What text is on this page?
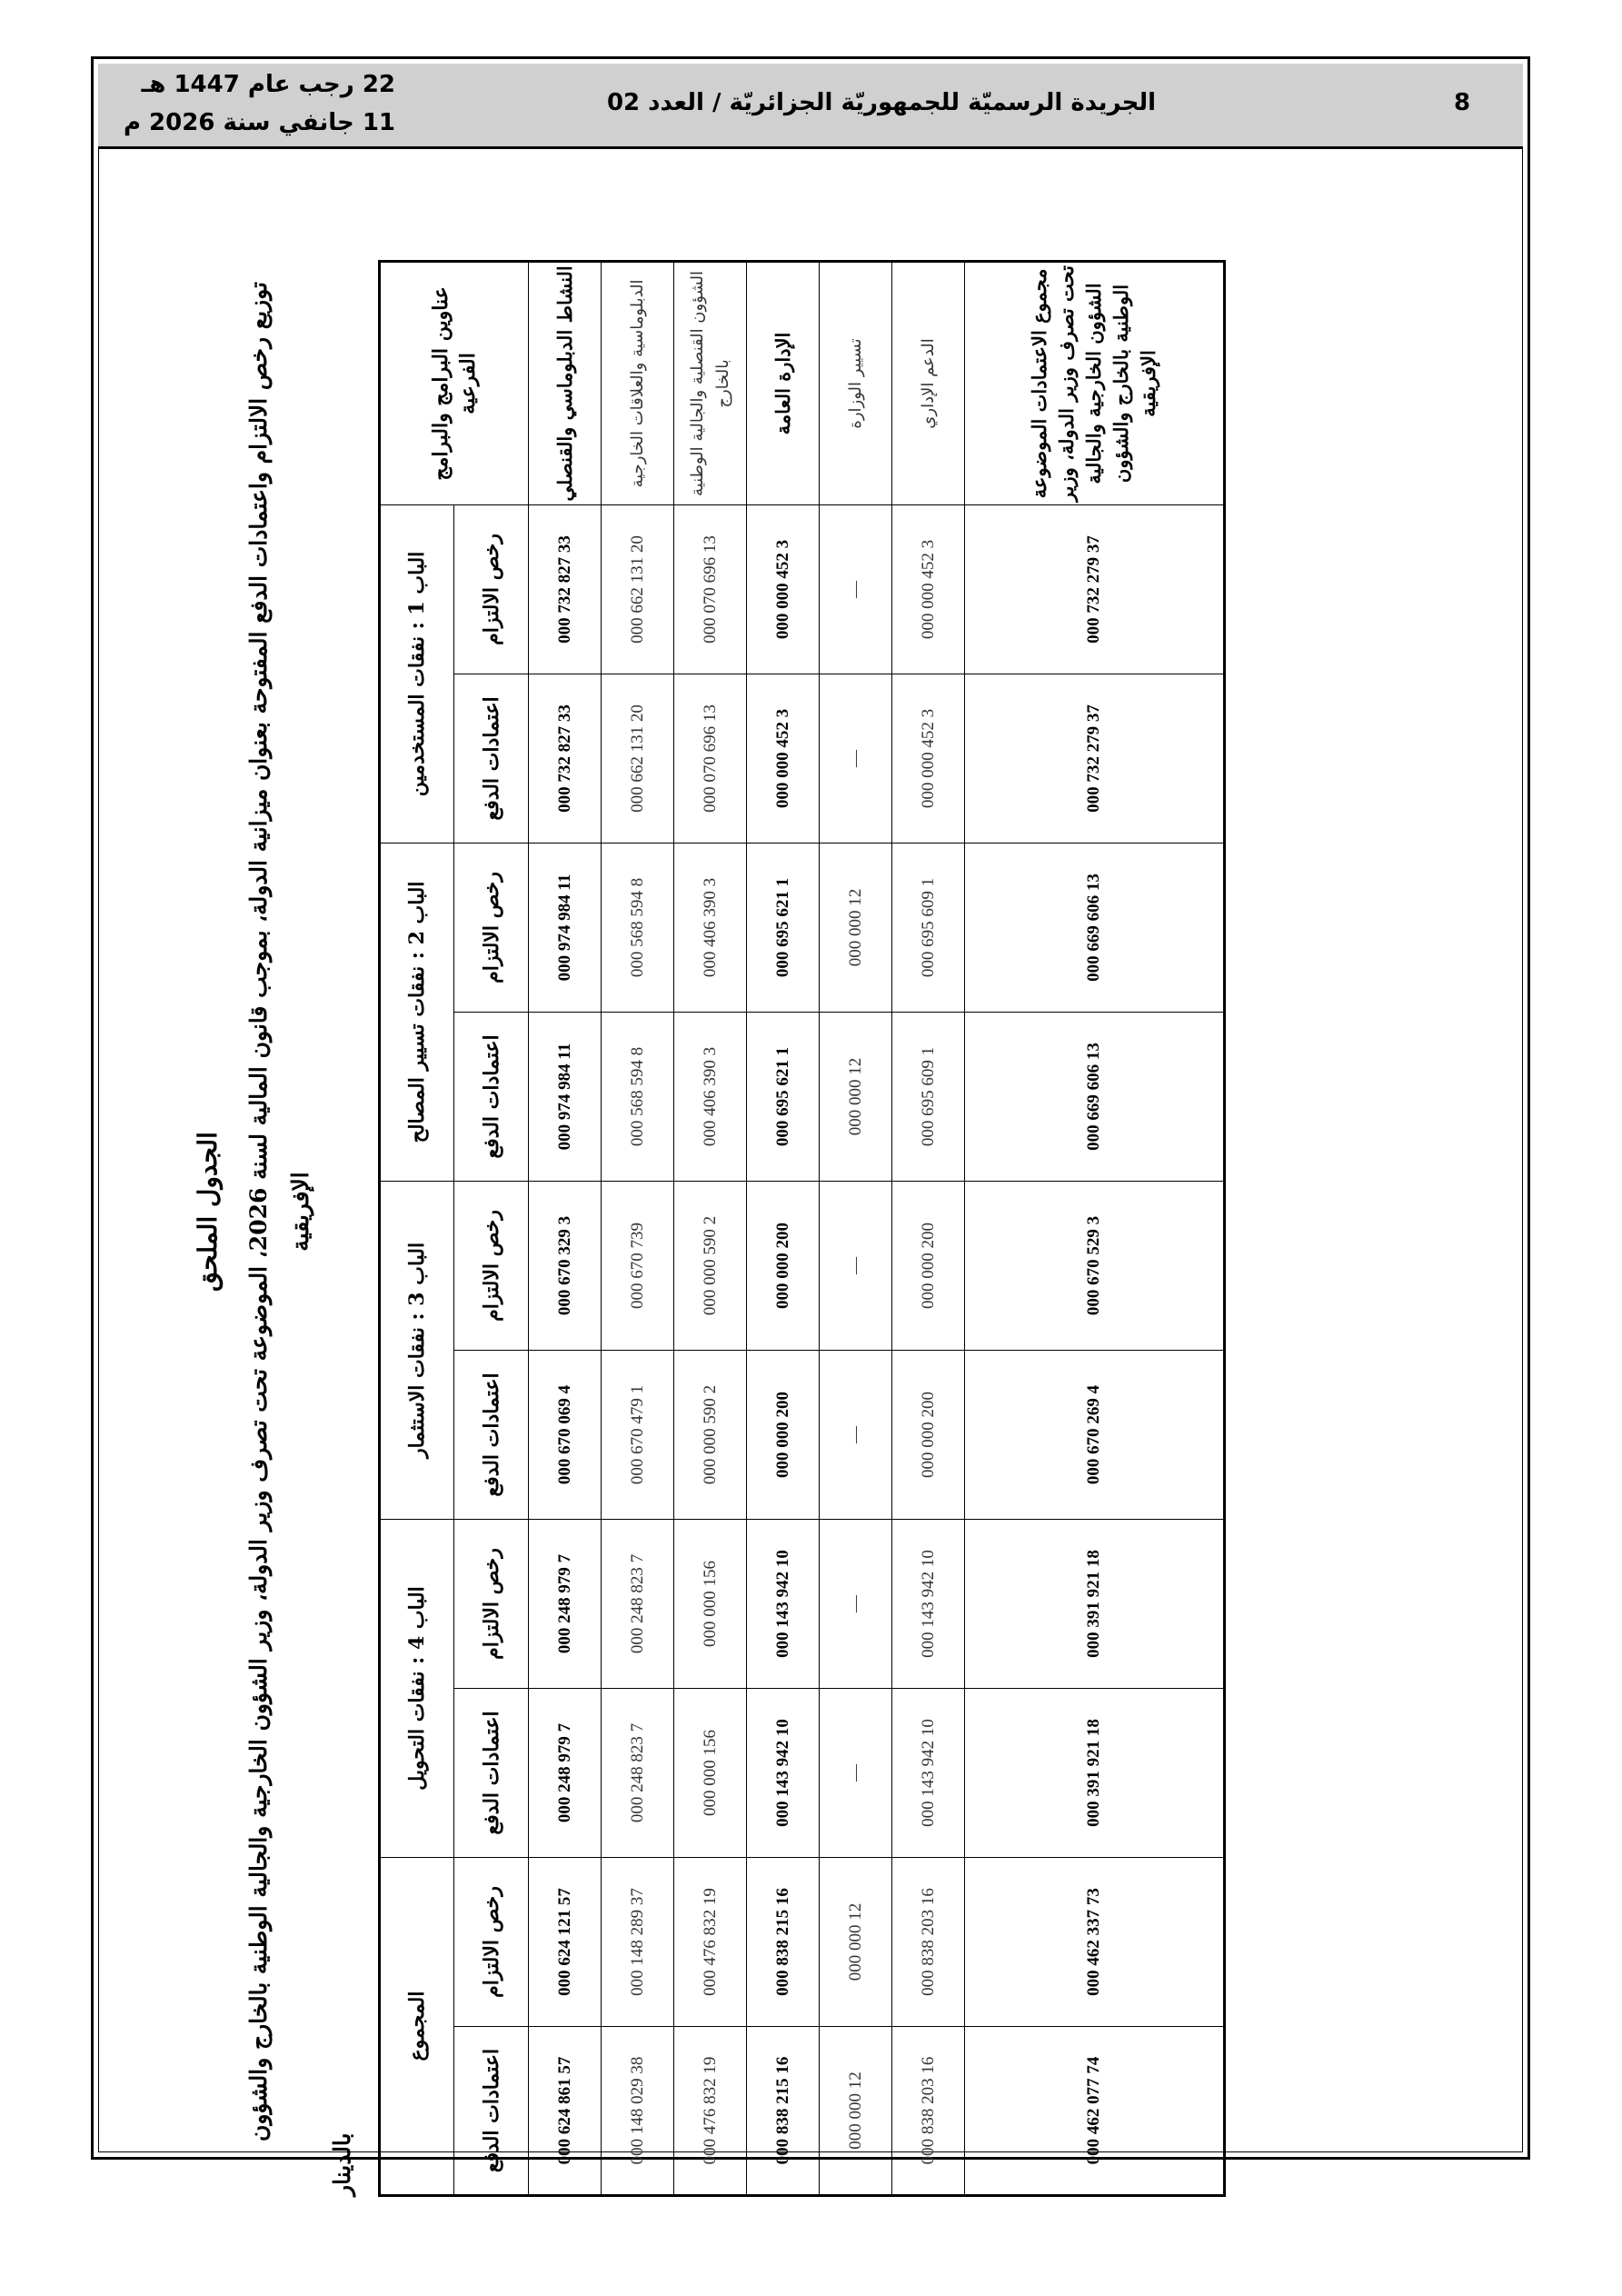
8
الجريدة الرسميّة للجمهوريّة الجزائريّة / العدد 02
22 رجب عام 1447 هـ
11 جانفي سنة 2026 م
الجدول الملحق
توزيع رخص الالتزام واعتمادات الدفع المفتوحة بعنوان ميزانية الدولة، بموجب قانون المالية لسنة 2026، الموضوعة تحت تصرف وزير الدولة، وزير الشؤون الخارجية والجالية الوطنية بالخارج والشؤون الإفريقية
بالدينار
عناوين البرامج والبرامج الفرعية	الباب 1 : نفقات المستخدمين		الباب 2 : نفقات تسيير المصالح		الباب 3 : نفقات الاستثمار		الباب 4 : نفقات التحويل		المجموع	
	رخص الالتزام	اعتمادات الدفع	رخص الالتزام	اعتمادات الدفع	رخص الالتزام	اعتمادات الدفع	رخص الالتزام	اعتمادات الدفع	رخص الالتزام	اعتمادات الدفع
النشاط الدبلوماسي والقنصلي	33 827 732 000	33 827 732 000	11 984 974 000	11 984 974 000	3 329 670 000	4 069 670 000	7 979 248 000	7 979 248 000	57 121 624 000	57 861 624 000
الدبلوماسية والعلاقات الخارجية	20 131 662 000	20 131 662 000	8 594 568 000	8 594 568 000	739 670 000	1 479 670 000	7 823 248 000	7 823 248 000	37 289 148 000	38 029 148 000
الشؤون القنصلية والجالية الوطنية بالخارج	13 696 070 000	13 696 070 000	3 390 406 000	3 390 406 000	2 590 000 000	2 590 000 000	156 000 000	156 000 000	19 832 476 000	19 832 476 000
الإدارة العامة	3 452 000 000	3 452 000 000	1 621 695 000	1 621 695 000	200 000 000	200 000 000	10 942 143 000	10 942 143 000	16 215 838 000	16 215 838 000
تسيير الوزارة	—	—	12 000 000	12 000 000	—	—	—	—	12 000 000	12 000 000
الدعم الإداري	3 452 000 000	3 452 000 000	1 609 695 000	1 609 695 000	200 000 000	200 000 000	10 942 143 000	10 942 143 000	16 203 838 000	16 203 838 000
مجموع الاعتمادات الموضوعة تحت تصرف وزير الدولة، وزير الشؤون الخارجية والجالية الوطنية بالخارج والشؤون الإفريقية	37 279 732 000	37 279 732 000	13 606 669 000	13 606 669 000	3 529 670 000	4 269 670 000	18 921 391 000	18 921 391 000	73 337 462 000	74 077 462 000
